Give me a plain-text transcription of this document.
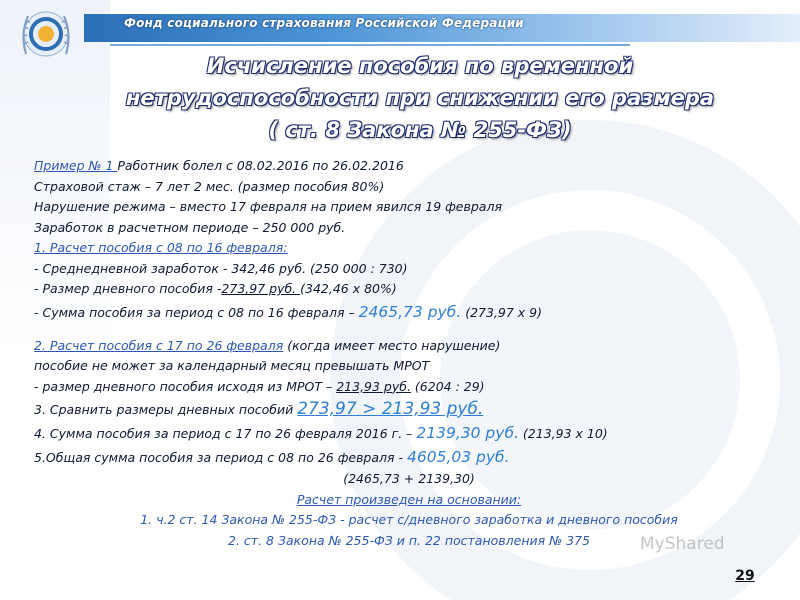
Фонд социального страхования Российской Федерации
Исчисление пособия по временной
нетрудоспособности при снижении его размера
( ст. 8 Закона № 255-ФЗ)
Пример № 1 Работник болел с 08.02.2016 по 26.02.2016
Страховой стаж – 7 лет 2 мес. (размер пособия 80%)
Нарушение режима – вместо 17 февраля на прием явился 19 февраля
Заработок в расчетном периоде – 250 000 руб.
1. Расчет пособия с 08 по 16 февраля:
- Среднедневной заработок - 342,46 руб. (250 000 : 730)
- Размер дневного пособия -273,97 руб. (342,46 х 80%)
- Сумма пособия за период с 08 по 16 февраля – 2465,73 руб. (273,97 х 9)
2. Расчет пособия с 17 по 26 февраля (когда имеет место нарушение)
пособие не может за календарный месяц превышать МРОТ
- размер дневного пособия исходя из МРОТ – 213,93 руб. (6204 : 29)
3. Сравнить размеры дневных пособий 273,97 > 213,93 руб.
4. Сумма пособия за период с 17 по 26 февраля 2016 г. – 2139,30 руб. (213,93 х 10)
5.Общая сумма пособия за период с 08 по 26 февраля - 4605,03 руб.
(2465,73 + 2139,30)
Расчет произведен на основании:
1. ч.2 ст. 14 Закона № 255-ФЗ - расчет с/дневного заработка и дневного пособия
2. ст. 8 Закона № 255-ФЗ и п. 22 постановления № 375	MyShared
29
